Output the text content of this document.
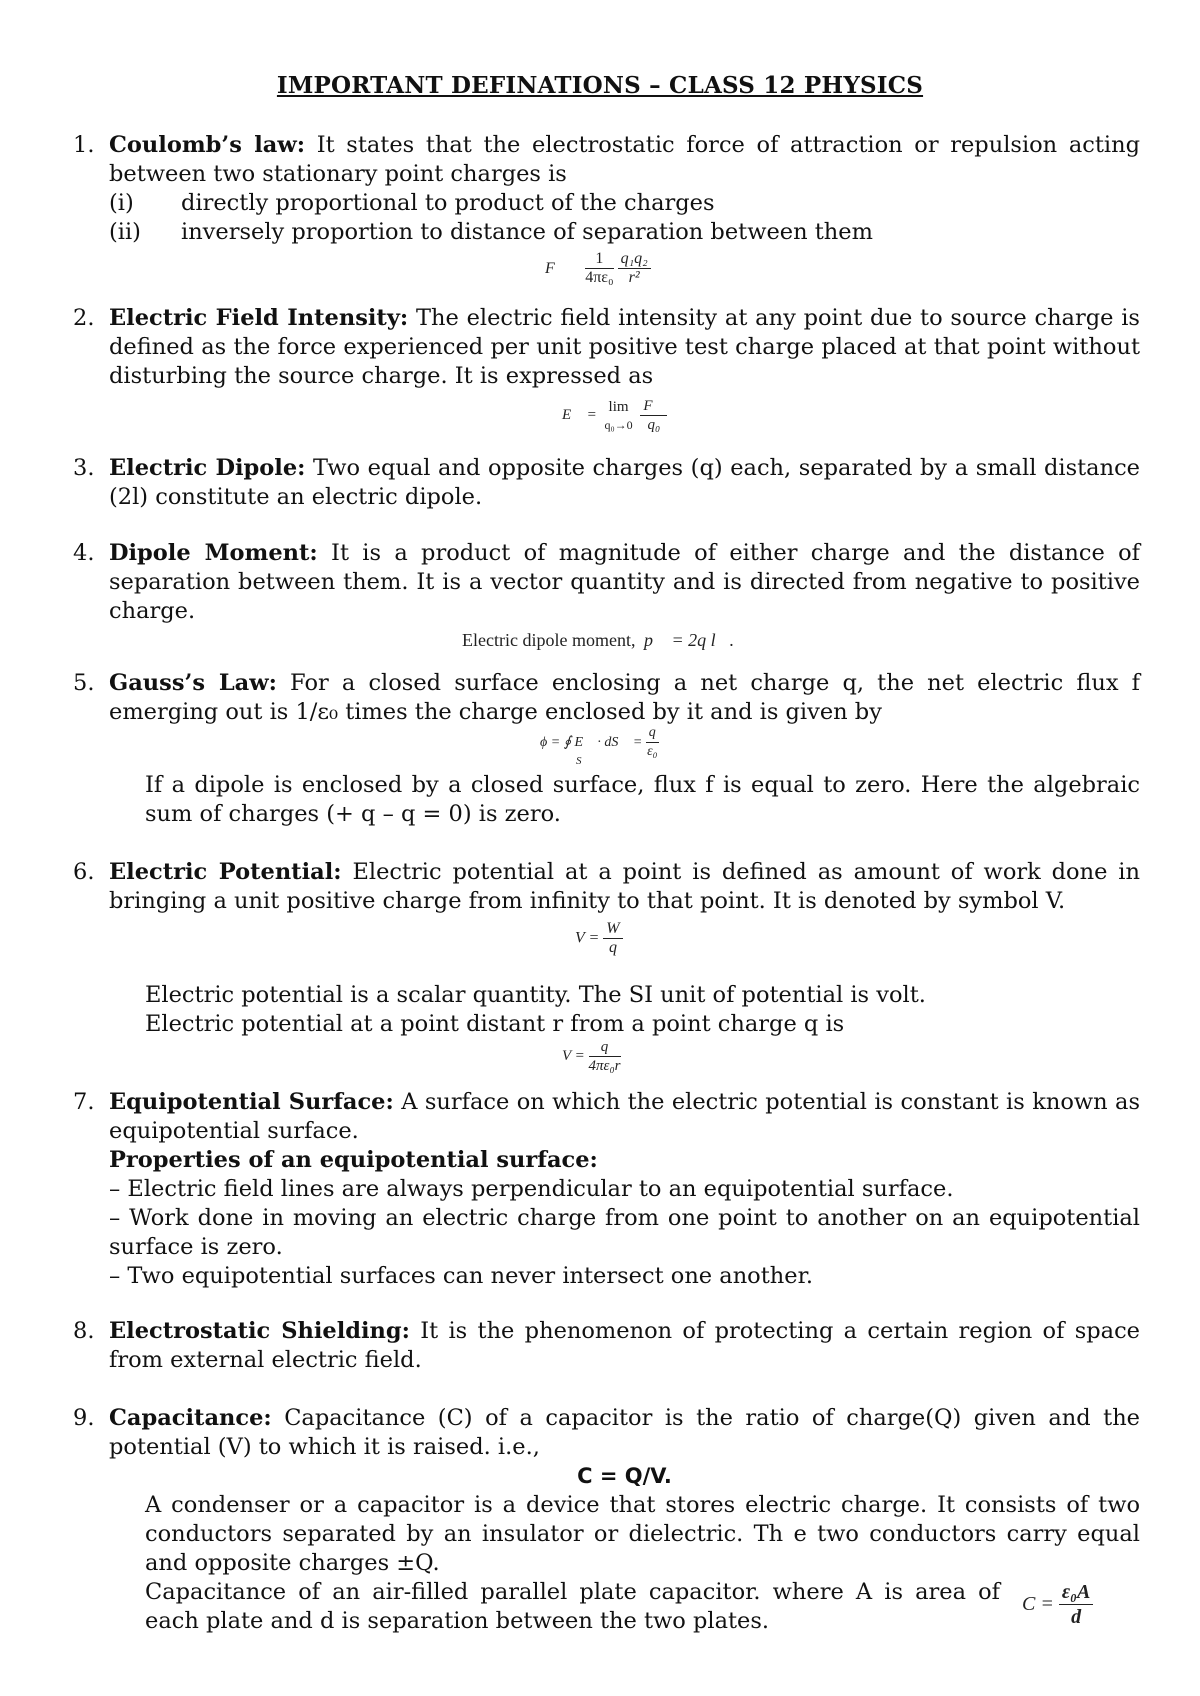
IMPORTANT DEFINATIONS – CLASS 12 PHYSICS
1. Coulomb’s law: It states that the electrostatic force of attraction or repulsion acting between two stationary point charges is
(i) directly proportional to product of the charges
(ii) inversely proportion to distance of separation between them
F⃗ $\frac{1}{\text{4πε₀}}$
$\frac{\text{q₁q₂}}{\text{r²}}$
2. Electric Field Intensity: The electric field intensity at any point due to source charge is defined as the force experienced per unit positive test charge placed at that point without disturbing the source charge. It is expressed as
E⃗ =
lim
q₀→0
$\frac{F⃗}{\text{q₀}}$
3. Electric Dipole: Two equal and opposite charges (q) each, separated by a small distance (2l) constitute an electric dipole.
4. Dipole Moment: It is a product of magnitude of either charge and the distance of separation between them. It is a vector quantity and is directed from negative to positive charge.
Electric dipole moment, p⃗ = 2q l⃗.
5. Gauss’s Law: For a closed surface enclosing a net charge q, the net electric flux f emerging out is 1/ε₀ times the charge enclosed by it and is given by
ϕ = ∮ E⃗ · dS⃗ = $\frac{q}{\text{ε₀}}$
S
If a dipole is enclosed by a closed surface, flux f is equal to zero. Here the algebraic sum of charges (+ q – q = 0) is zero.
6. Electric Potential: Electric potential at a point is defined as amount of work done in bringing a unit positive charge from infinity to that point. It is denoted by symbol V.
$V = \frac{W}{q}$
Electric potential is a scalar quantity. The SI unit of potential is volt.
Electric potential at a point distant r from a point charge q is
$V = \frac{q}{\text{4πε₀r}}$
7. Equipotential Surface: A surface on which the electric potential is constant is known as equipotential surface.
Properties of an equipotential surface:
– Electric field lines are always perpendicular to an equipotential surface.
– Work done in moving an electric charge from one point to another on an equipotential surface is zero.
– Two equipotential surfaces can never intersect one another.
8. Electrostatic Shielding: It is the phenomenon of protecting a certain region of space from external electric field.
9. Capacitance: Capacitance (C) of a capacitor is the ratio of charge(Q) given and the potential (V) to which it is raised. i.e.,
C = Q/V.
A condenser or a capacitor is a device that stores electric charge. It consists of two conductors separated by an insulator or dielectric. Th e two conductors carry equal and opposite charges ±Q.
Capacitance of an air-filled parallel plate capacitor. where A is area of each plate and d is separation between the two plates.
$C = \frac{\text{ε₀A}}{d}$
